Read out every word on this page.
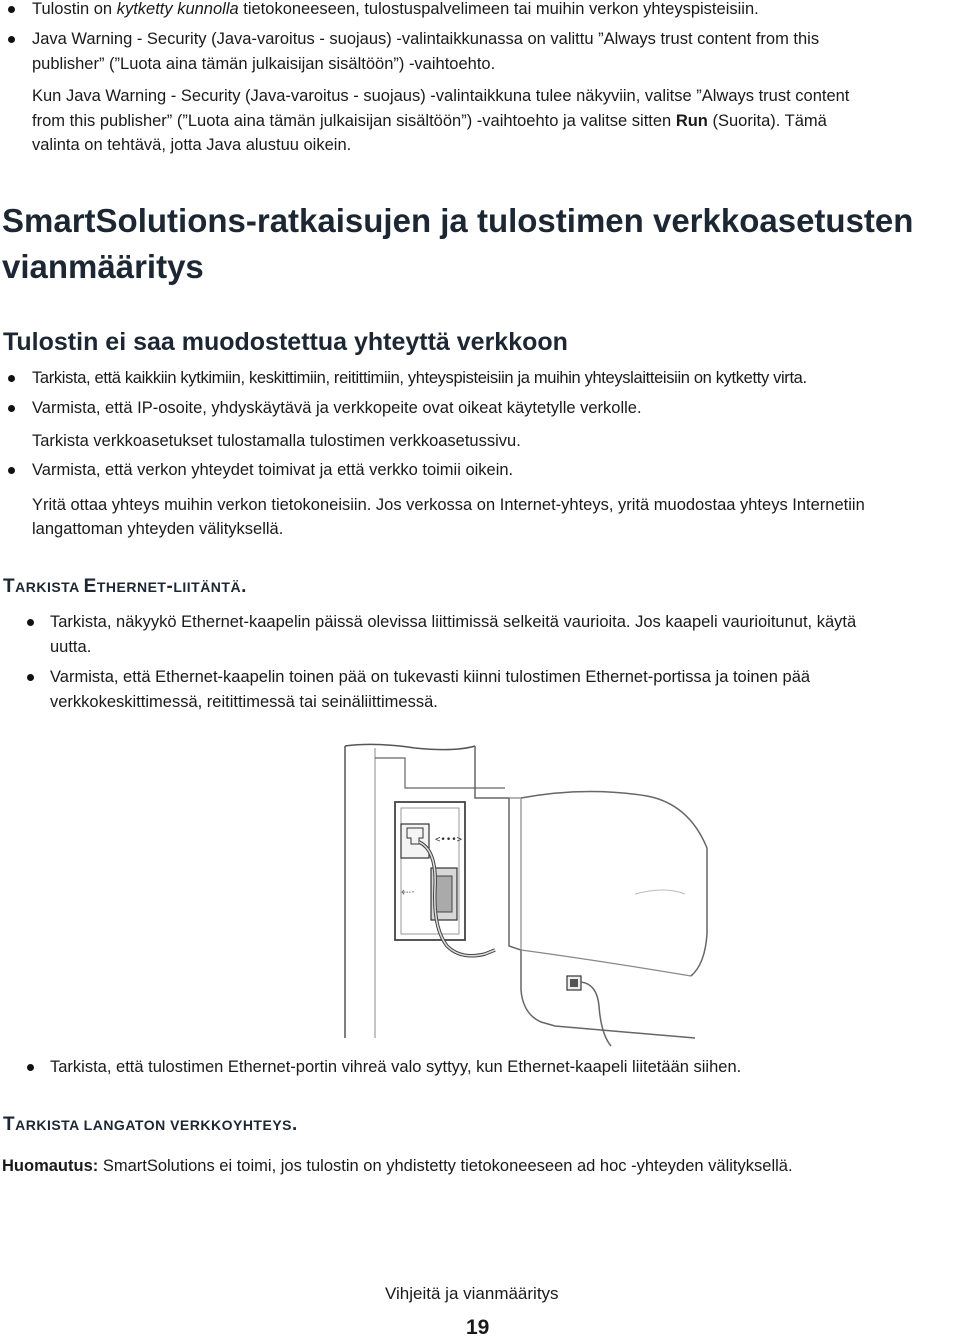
Tulostin on kytketty kunnolla tietokoneeseen, tulostuspalvelimeen tai muihin verkon yhteyspisteisiin.
Java Warning - Security (Java-varoitus - suojaus) -valintaikkunassa on valittu ”Always trust content from this
publisher” (”Luota aina tämän julkaisijan sisältöön”) -vaihtoehto.
Kun Java Warning - Security (Java-varoitus - suojaus) -valintaikkuna tulee näkyviin, valitse ”Always trust content
from this publisher” (”Luota aina tämän julkaisijan sisältöön”) -vaihtoehto ja valitse sitten Run (Suorita). Tämä
valinta on tehtävä, jotta Java alustuu oikein.
SmartSolutions-ratkaisujen ja tulostimen verkkoasetusten
vianmääritys
Tulostin ei saa muodostettua yhteyttä verkkoon
Tarkista, että kaikkiin kytkimiin, keskittimiin, reitittimiin, yhteyspisteisiin ja muihin yhteyslaitteisiin on kytketty virta.
Varmista, että IP-osoite, yhdyskäytävä ja verkkopeite ovat oikeat käytetylle verkolle.
Tarkista verkkoasetukset tulostamalla tulostimen verkkoasetussivu.
Varmista, että verkon yhteydet toimivat ja että verkko toimii oikein.
Yritä ottaa yhteys muihin verkon tietokoneisiin. Jos verkossa on Internet-yhteys, yritä muodostaa yhteys Internetiin
langattoman yhteyden välityksellä.
TARKISTA ETHERNET-LIITÄNTÄ.
Tarkista, näkyykö Ethernet-kaapelin päissä olevissa liittimissä selkeitä vaurioita. Jos kaapeli vaurioitunut, käytä
uutta.
Varmista, että Ethernet-kaapelin toinen pää on tukevasti kiinni tulostimen Ethernet-portissa ja toinen pää
verkkokeskittimessä, reitittimessä tai seinäliittimessä.
⇠·
<•••>
Tarkista, että tulostimen Ethernet-portin vihreä valo syttyy, kun Ethernet-kaapeli liitetään siihen.
TARKISTA LANGATON VERKKOYHTEYS.
Huomautus: SmartSolutions ei toimi, jos tulostin on yhdistetty tietokoneeseen ad hoc -yhteyden välityksellä.
Vihjeitä ja vianmääritys
19
